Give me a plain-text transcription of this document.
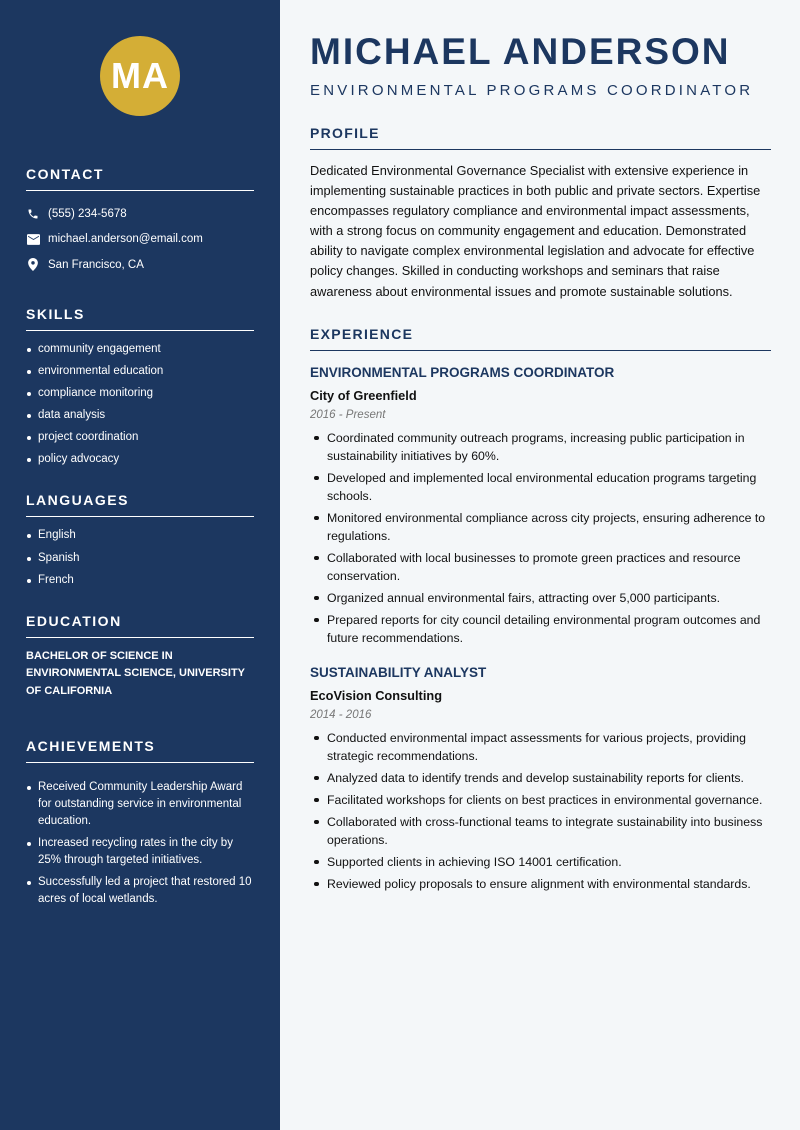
MA
CONTACT
(555) 234-5678
michael.anderson@email.com
San Francisco, CA
SKILLS
community engagement
environmental education
compliance monitoring
data analysis
project coordination
policy advocacy
LANGUAGES
English
Spanish
French
EDUCATION
BACHELOR OF SCIENCE IN ENVIRONMENTAL SCIENCE, UNIVERSITY OF CALIFORNIA
ACHIEVEMENTS
Received Community Leadership Award for outstanding service in environmental education.
Increased recycling rates in the city by 25% through targeted initiatives.
Successfully led a project that restored 10 acres of local wetlands.
MICHAEL ANDERSON
ENVIRONMENTAL PROGRAMS COORDINATOR
PROFILE

Dedicated Environmental Governance Specialist with extensive experience in implementing sustainable practices in both public and private sectors. Expertise encompasses regulatory compliance and environmental impact assessments, with a strong focus on community engagement and education. Demonstrated ability to navigate complex environmental legislation and advocate for effective policy changes. Skilled in conducting workshops and seminars that raise awareness about environmental issues and promote sustainable solutions.

EXPERIENCE
ENVIRONMENTAL PROGRAMS COORDINATOR
City of Greenfield
2016 - Present
Coordinated community outreach programs, increasing public participation in sustainability initiatives by 60%.
Developed and implemented local environmental education programs targeting schools.
Monitored environmental compliance across city projects, ensuring adherence to regulations.
Collaborated with local businesses to promote green practices and resource conservation.
Organized annual environmental fairs, attracting over 5,000 participants.
Prepared reports for city council detailing environmental program outcomes and future recommendations.
SUSTAINABILITY ANALYST
EcoVision Consulting
2014 - 2016
Conducted environmental impact assessments for various projects, providing strategic recommendations.
Analyzed data to identify trends and develop sustainability reports for clients.
Facilitated workshops for clients on best practices in environmental governance.
Collaborated with cross-functional teams to integrate sustainability into business operations.
Supported clients in achieving ISO 14001 certification.
Reviewed policy proposals to ensure alignment with environmental standards.
